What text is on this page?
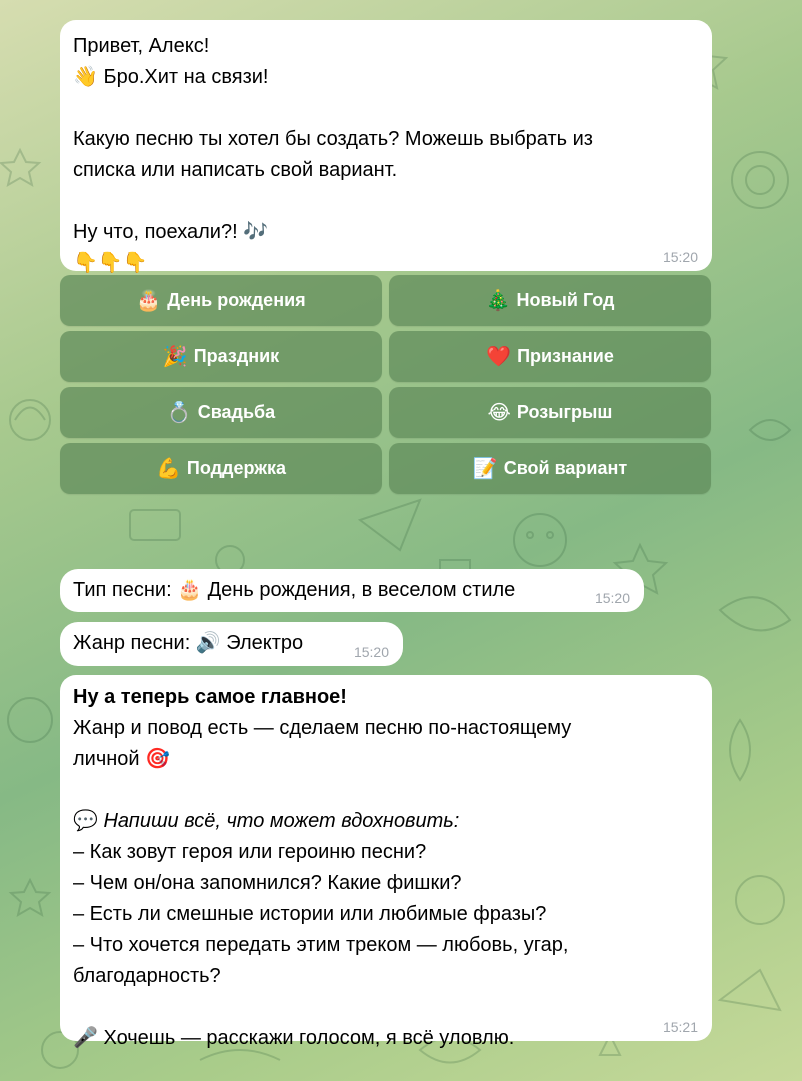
Привет, Алекс!
👋 Бро.Хит на связи!
Какую песню ты хотел бы создать? Можешь выбрать из
списка или написать свой вариант.
Ну что, поехали?! 🎶
👇👇👇	15:20
🎂 День рождения	🎄 Новый Год
🎉 Праздник	❤️ Признание
💍 Свадьба	😂 Розыгрыш
💪 Поддержка	📝 Свой вариант
Тип песни: 🎂 День рождения, в веселом стиле	15:20
Жанр песни: 🔊 Электро	15:20
Ну а теперь самое главное!
Жанр и повод есть — сделаем песню по-настоящему
личной 🎯
💬 Напиши всё, что может вдохновить:
– Как зовут героя или героиню песни?
– Чем он/она запомнился? Какие фишки?
– Есть ли смешные истории или любимые фразы?
– Что хочется передать этим треком — любовь, угар,
благодарность?
🎤 Хочешь — расскажи голосом, я всё уловлю.	15:21
